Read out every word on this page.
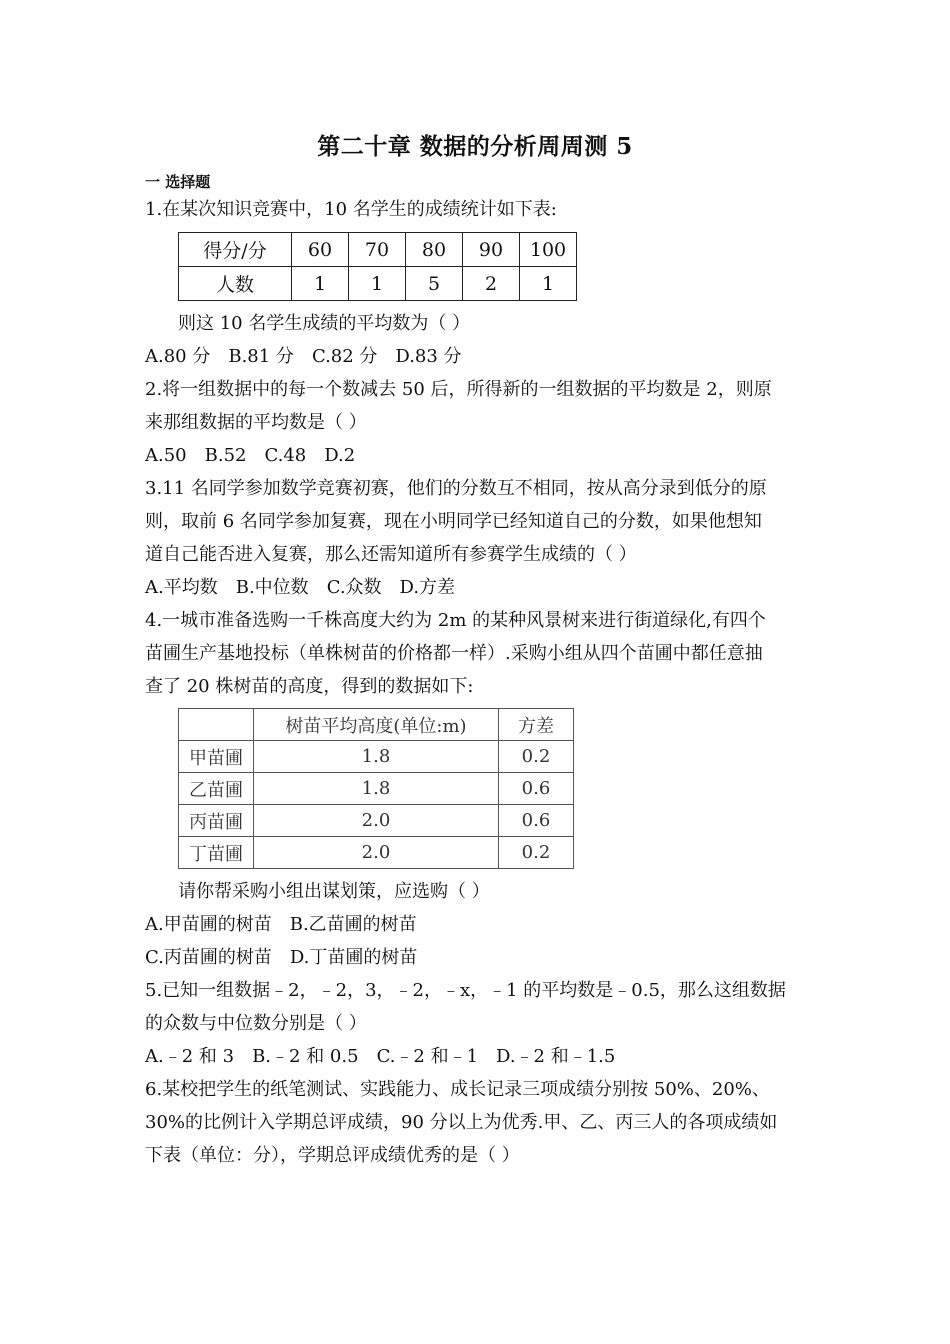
第二十章 数据的分析周周测 5
一 选择题
1.在某次知识竞赛中，10 名学生的成绩统计如下表:
得分/分	60	70	80	90	100
人数	1	1	5	2	1
则这 10 名学生成绩的平均数为（ ）
A.80 分 B.81 分 C.82 分 D.83 分
2.将一组数据中的每一个数减去 50 后，所得新的一组数据的平均数是 2，则原
来那组数据的平均数是（ ）
A.50 B.52 C.48 D.2
3.11 名同学参加数学竞赛初赛，他们的分数互不相同，按从高分录到低分的原
则，取前 6 名同学参加复赛，现在小明同学已经知道自己的分数，如果他想知
道自己能否进入复赛，那么还需知道所有参赛学生成绩的（ ）
A.平均数 B.中位数 C.众数 D.方差
4.一城市准备选购一千株高度大约为 2m 的某种风景树来进行街道绿化,有四个
苗圃生产基地投标（单株树苗的价格都一样）.采购小组从四个苗圃中都任意抽
查了 20 株树苗的高度，得到的数据如下:
	树苗平均高度(单位:m)	方差
甲苗圃	1.8	0.2
乙苗圃	1.8	0.6
丙苗圃	2.0	0.6
丁苗圃	2.0	0.2
请你帮采购小组出谋划策，应选购（ ）
A.甲苗圃的树苗 B.乙苗圃的树苗
C.丙苗圃的树苗 D.丁苗圃的树苗
5.已知一组数据﹣2，﹣2，3，﹣2，﹣x，﹣1 的平均数是﹣0.5，那么这组数据
的众数与中位数分别是（ ）
A.﹣2 和 3 B.﹣2 和 0.5 C.﹣2 和﹣1 D.﹣2 和﹣1.5
6.某校把学生的纸笔测试、实践能力、成长记录三项成绩分别按 50%、20%、
30%的比例计入学期总评成绩，90 分以上为优秀.甲、乙、丙三人的各项成绩如
下表（单位：分），学期总评成绩优秀的是（ ）
